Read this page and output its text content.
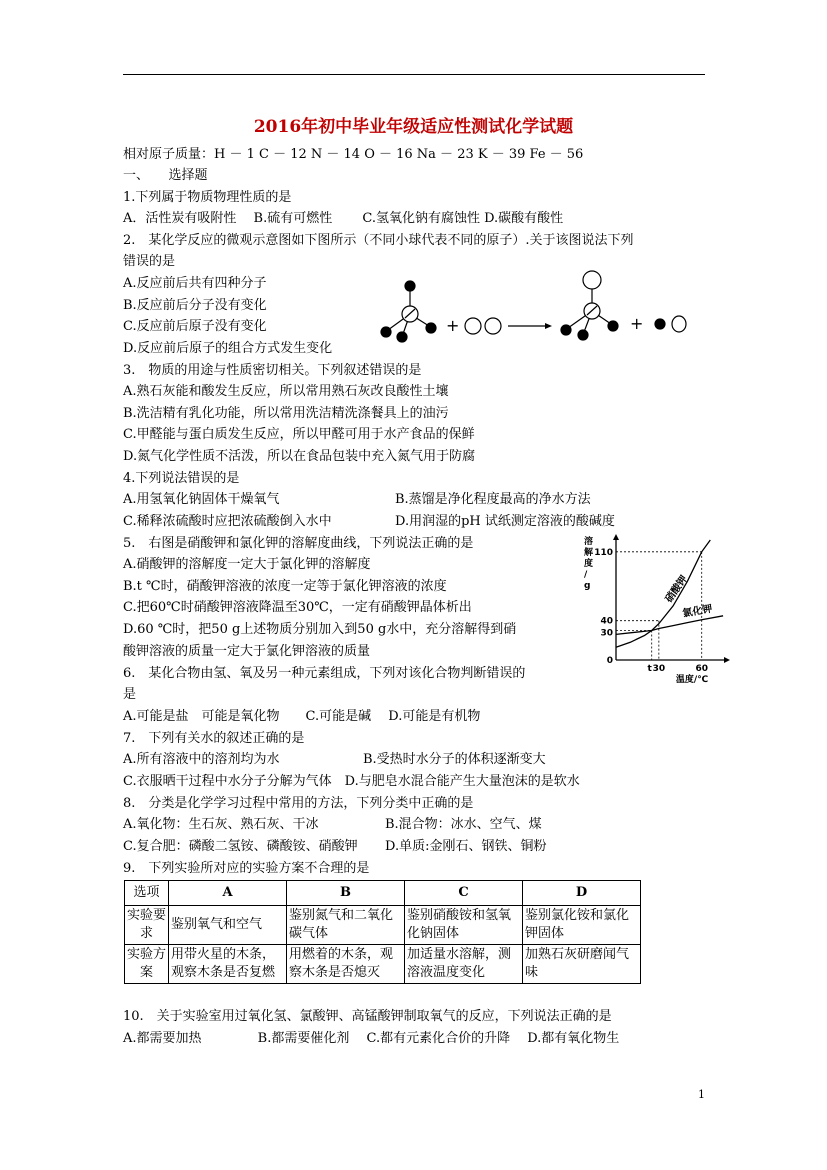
2016年初中毕业年级适应性测试化学试题
相对原子质量：H － 1 C － 12 N － 14 O － 16 Na － 23 K － 39 Fe － 56
一、　　选择题
1.下列属于物质物理性质的是
A．活性炭有吸附性　 B.硫有可燃性　　 C.氢氧化钠有腐蚀性 D.碳酸有酸性
2.　某化学反应的微观示意图如下图所示（不同小球代表不同的原子）.关于该图说法下列
错误的是
A.反应前后共有四种分子
B.反应前后分子没有变化
C.反应前后原子没有变化
D.反应前后原子的组合方式发生变化
+	+
3.　物质的用途与性质密切相关。下列叙述错误的是
A.熟石灰能和酸发生反应，所以常用熟石灰改良酸性土壤
B.洗洁精有乳化功能，所以常用洗洁精洗涤餐具上的油污
C.甲醛能与蛋白质发生反应，所以甲醛可用于水产食品的保鲜
D.氮气化学性质不活泼，所以在食品包装中充入氮气用于防腐
4.下列说法错误的是
A.用氢氧化钠固体干燥氧气	B.蒸馏是净化程度最高的净水方法
C.稀释浓硫酸时应把浓硫酸倒入水中	D.用润湿的pH 试纸测定溶液的酸碱度
5.　右图是硝酸钾和氯化钾的溶解度曲线，下列说法正确的是
A.硝酸钾的溶解度一定大于氯化钾的溶解度
B.t ℃时，硝酸钾溶液的浓度一定等于氯化钾溶液的浓度
C.把60℃时硝酸钾溶液降温至30℃，一定有硝酸钾晶体析出
D.60 ℃时，把50 g上述物质分别加入到50 g水中，充分溶解得到硝
酸钾溶液的质量一定大于氯化钾溶液的质量
硝酸钾
氯化钾
0
30
40
110
t 30	60
溶解度/ g
温度/℃
6.　某化合物由氢、氧及另一种元素组成，下列对该化合物判断错误的
是
A.可能是盐　可能是氧化物　　C.可能是碱　 D.可能是有机物
7.　下列有关水的叙述正确的是
A.所有溶液中的溶剂均为水	B.受热时水分子的体积逐渐变大
C.衣服晒干过程中水分子分解为气体　D.与肥皂水混合能产生大量泡沫的是软水
8.　分类是化学学习过程中常用的方法，下列分类中正确的是
A.氧化物：生石灰、熟石灰、干冰	B.混合物：冰水、空气、煤
C.复合肥：磷酸二氢铵、磷酸铵、硝酸钾 D.单质:金刚石、钢铁、铜粉
9.　下列实验所对应的实验方案不合理的是
选项	A	B	C	D
实验要求	鉴别氧气和空气	鉴别氮气和二氧化碳气体	鉴别硝酸铵和氢氧化钠固体	鉴别氯化铵和氯化钾固体
实验方案	用带火星的木条，观察木条是否复燃	用燃着的木条，观察木条是否熄灭	加适量水溶解，测溶液温度变化	加熟石灰研磨闻气味
10.　关于实验室用过氧化氢、氯酸钾、高锰酸钾制取氧气的反应，下列说法正确的是
A.都需要加热　　　　 B.都需要催化剂　 C.都有元素化合价的升降　 D.都有氧化物生
1
